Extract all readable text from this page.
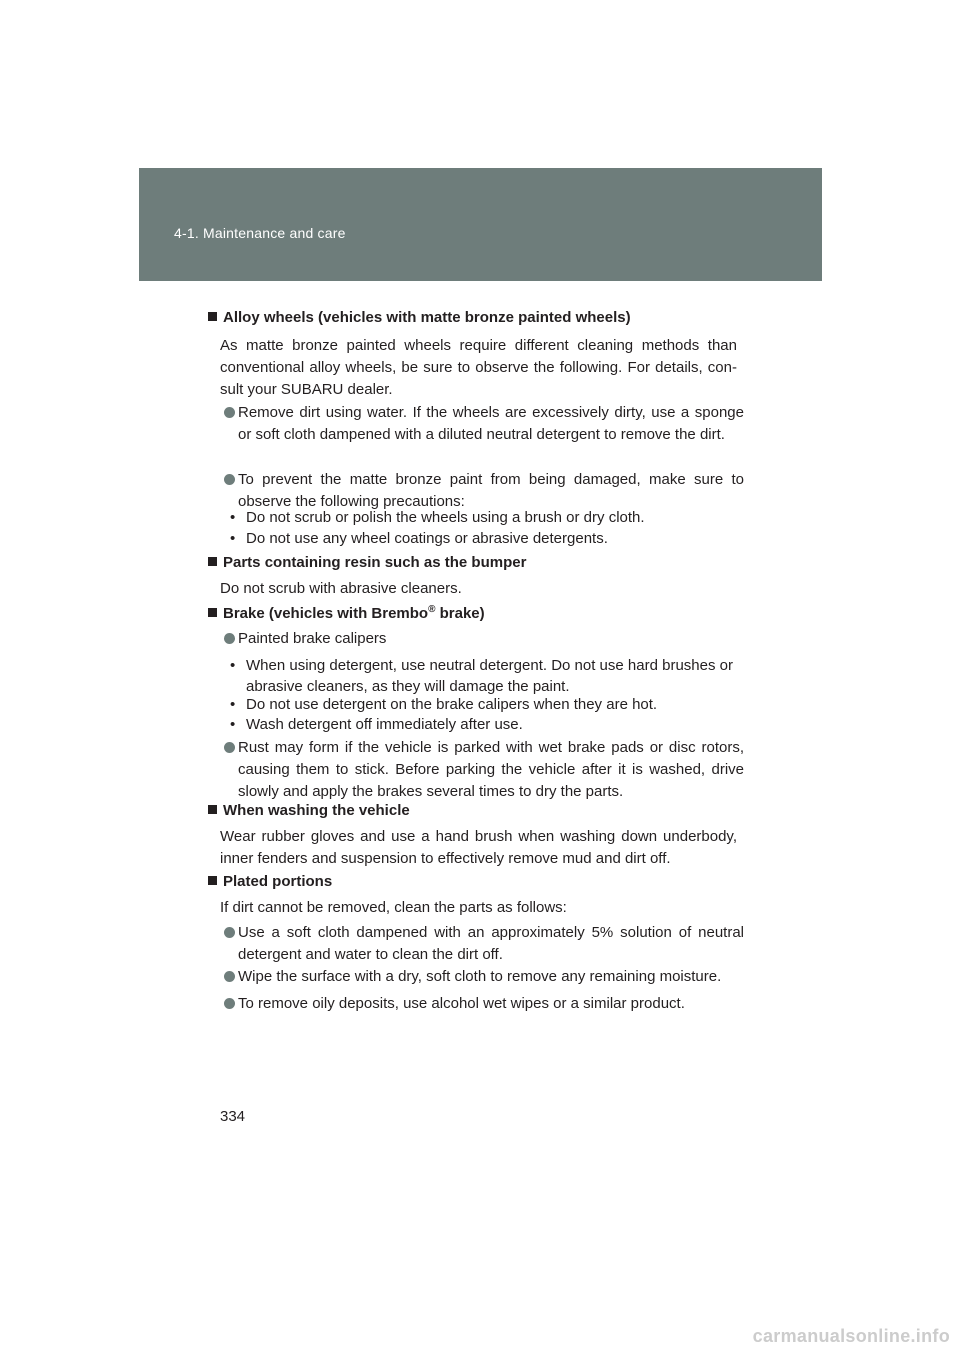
4-1. Maintenance and care
Alloy wheels (vehicles with matte bronze painted wheels)
As matte bronze painted wheels require different cleaning methods than conventional alloy wheels, be sure to observe the following. For details, con- sult your SUBARU dealer.
Remove dirt using water. If the wheels are excessively dirty, use a sponge or soft cloth dampened with a diluted neutral detergent to remove the dirt.
To prevent the matte bronze paint from being damaged, make sure to observe the following precautions:
• Do not scrub or polish the wheels using a brush or dry cloth.
• Do not use any wheel coatings or abrasive detergents.
Parts containing resin such as the bumper
Do not scrub with abrasive cleaners.
Brake (vehicles with Brembo® brake)
Painted brake calipers
• When using detergent, use neutral detergent. Do not use hard brushes or abrasive cleaners, as they will damage the paint.
• Do not use detergent on the brake calipers when they are hot.
• Wash detergent off immediately after use.
Rust may form if the vehicle is parked with wet brake pads or disc rotors, causing them to stick. Before parking the vehicle after it is washed, drive slowly and apply the brakes several times to dry the parts.
When washing the vehicle
Wear rubber gloves and use a hand brush when washing down underbody, inner fenders and suspension to effectively remove mud and dirt off.
Plated portions
If dirt cannot be removed, clean the parts as follows:
Use a soft cloth dampened with an approximately 5% solution of neutral detergent and water to clean the dirt off.
Wipe the surface with a dry, soft cloth to remove any remaining moisture.
To remove oily deposits, use alcohol wet wipes or a similar product.
334
carmanualsonline.info
